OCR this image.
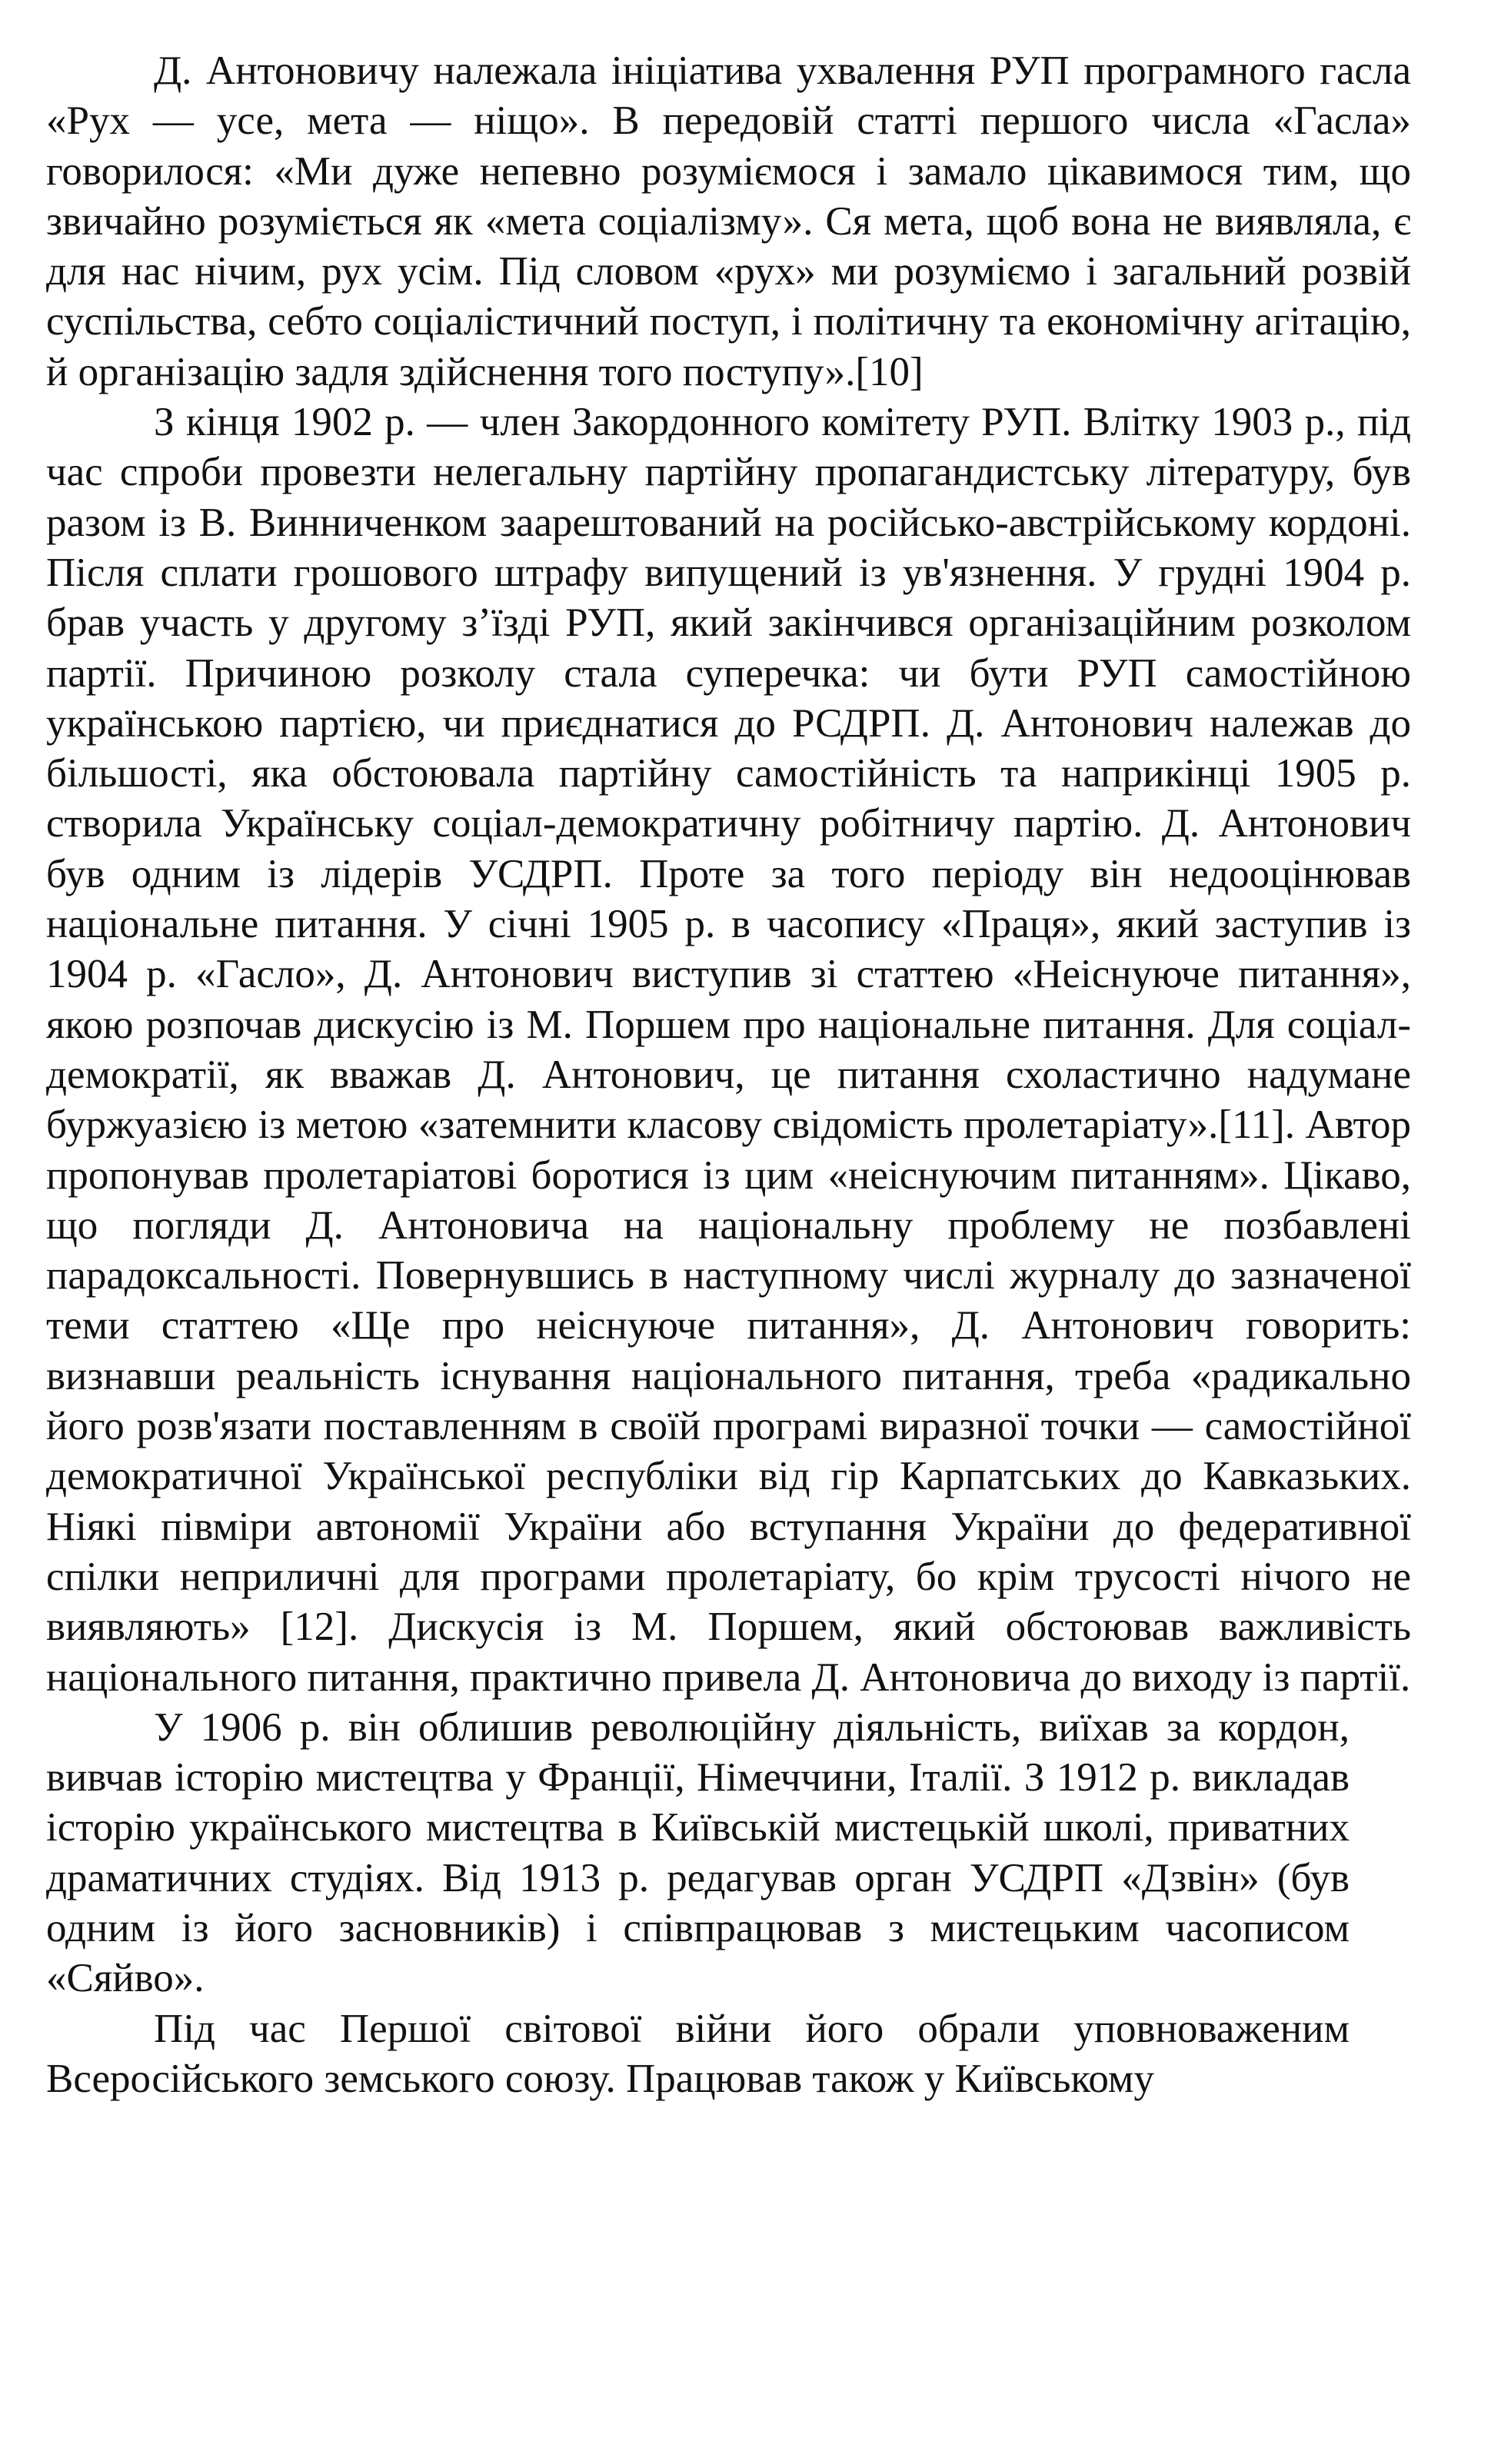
Д. Антоновичу належала ініціатива ухвалення РУП програмного гасла «Рух — усе, мета — ніщо». В передовій статті першого числа «Гасла» говорилося: «Ми дуже непевно розуміємося і замало цікавимося тим, що звичайно розуміється як «мета соціалізму». Ся мета, щоб вона не виявляла, є для нас нічим, рух усім. Під словом «рух» ми розуміємо і загальний розвій суспільства, себто соціалістичний поступ, і політичну та економічну агітацію, й організацію задля здійснення того поступу».[10]

З кінця 1902 р. — член Закордонного комітету РУП. Влітку 1903 р., під час спроби провезти нелегальну партійну пропагандистську літературу, був разом із В. Винниченком заарештований на російсько-австрійському кордоні. Після сплати грошового штрафу випущений із ув'язнення. У грудні 1904 р. брав участь у другому з’їзді РУП, який закінчився організаційним розколом партії. Причиною розколу стала суперечка: чи бути РУП самостійною українською партією, чи приєднатися до РСДРП. Д. Антонович належав до більшості, яка обстоювала партійну самостійність та наприкінці 1905 р. створила Українську соціал-демократичну робітничу партію. Д. Антонович був одним із лідерів УСДРП. Проте за того періоду він недооцінював національне питання. У січні 1905 р. в часопису «Праця», який заступив із 1904 р. «Гасло», Д. Антонович виступив зі статтею «Неіснуюче питання», якою розпочав дискусію із М. Поршем про національне питання. Для соціал-демократії, як вважав Д. Антонович, це питання схоластично надумане буржуазією із метою «затемнити класову свідомість пролетаріату».[11]. Автор пропонував пролетаріатові боротися із цим «неіснуючим питанням». Цікаво, що погляди Д. Антоновича на національну проблему не позбавлені парадоксальності. Повернувшись в наступному числі журналу до зазначеної теми статтею «Ще про неіснуюче питання», Д. Антонович говорить: визнавши реальність існування національного питання, треба «радикально його розв'язати поставленням в своїй програмі виразної точки — самостійної демократичної Української республіки від гір Карпатських до Кавказьких. Ніякі півміри автономії України або вступання України до федеративної спілки неприличні для програми пролетаріату, бо крім трусості нічого не виявляють» [12]. Дискусія із М. Поршем, який обстоював важливість національного питання, практично привела Д. Антоновича до виходу із партії.

У 1906 р. він облишив революційну діяльність, виїхав за кордон, вивчав історію мистецтва у Франції, Німеччини, Італії. З 1912 р. викладав історію українського мистецтва в Київській мистецькій школі, приватних драматичних студіях. Від 1913 р. редагував орган УСДРП «Дзвін» (був одним із його засновників) і співпрацював з мистецьким часописом «Сяйво».

Під час Першої світової війни його обрали уповноваженим Всеросійського земського союзу. Працював також у Київському
